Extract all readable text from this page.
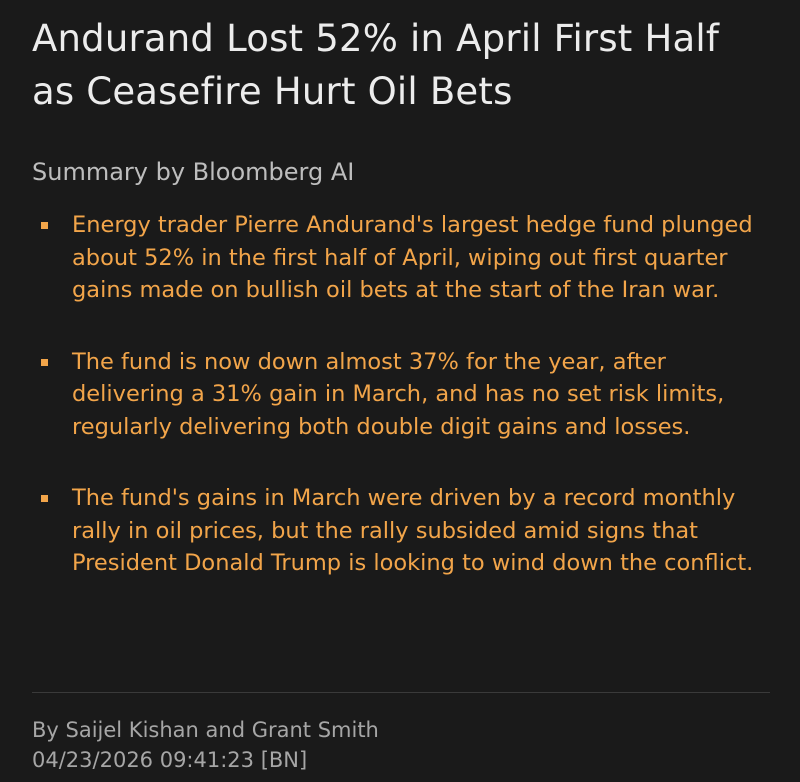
Andurand Lost 52% in April First Half as Ceasefire Hurt Oil Bets
Summary by Bloomberg AI
Energy trader Pierre Andurand's largest hedge fund plunged about 52% in the first half of April, wiping out first quarter gains made on bullish oil bets at the start of the Iran war.
The fund is now down almost 37% for the year, after delivering a 31% gain in March, and has no set risk limits, regularly delivering both double digit gains and losses.
The fund's gains in March were driven by a record monthly rally in oil prices, but the rally subsided amid signs that President Donald Trump is looking to wind down the conflict.
By Saijel Kishan and Grant Smith
04/23/2026 09:41:23 [BN]
